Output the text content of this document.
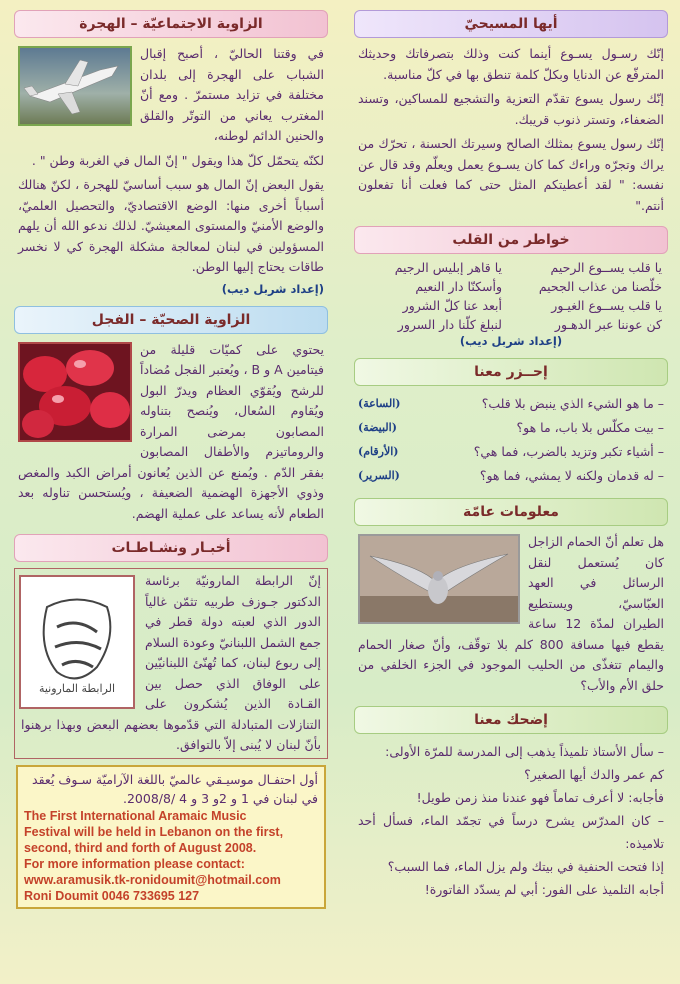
الزاوية الاجتماعيّة – الهجرة

في وقتنا الحاليّ ، أصبح إقبال الشباب على الهجرة إلى بلدان مختلفة في تزايد مستمرّ . ومع أنّ المغترب يعاني من التوتّر والقلق والحنين الدائم لوطنه،

لكنّه يتحمّل كلّ هذا ويقول " إنّ المال في الغربة وطن " .

يقول البعض إنّ المال هو سبب أساسيّ للهجرة ، لكنّ هنالك أسباباً أخرى منها: الوضع الاقتصاديّ، والتحصيل العلميّ، والوضع الأمنيّ والمستوى المعيشيّ. لذلك ندعو الله أن يلهم المسؤولين في لبنان لمعالجة مشكلة الهجرة كي لا نخسر طاقات يحتاج إليها الوطن.

(إعداد شربل ديب)
الزاوية الصحيّة – الفجل

يحتوي على كميّات قليلة من فيتامين A و B ، ويُعتبر الفجل مُضاداً للرشح ويُقوّي العظام ويدرّ البول ويُقاوم السُعال، ويُنصح بتناوله المصابون بمرضى المرارة والروماتيزم والأطفال المصابون بفقر الدّم . ويُمنع عن الذين يُعانون أمراض الكبد والمغص وذوي الأجهزة الهضمية الضعيفة ، ويُستحسن تناوله بعد الطعام لأنه يساعد على عملية الهضم.

أخبـار ونشـاطـات
الرابطة المارونية
إنّ الرابطة المارونيّة برئاسة الدكتور جـوزف طربيه تثمّن غالياً الدور الذي لعبته دولة قطر في جمع الشمل اللبنانيّ وعودة السلام إلى ربوع لبنان، كما تُهنّئ اللبنانيّين على الوفاق الذي حصل بين القـادة الذين يُشكرون على التنازلات المتبادلة التي قدّموها بعضهم البعض وبهذا برهنوا بأنّ لبنان لا يُبنى إلاّ بالتوافق.
أول احتفـال موسيـقي عالميّ باللغة الآراميّة سـوف يُعقد في لبنان في 1 و 2و 3 و 4 /2008/8.
The First International Aramaic Music
Festival will be held in Lebanon on the first,
second, third and forth of August 2008.
For more information please contact:
www.aramusik.tk-ronidoumit@hotmail.com
Roni Doumit 0046 733695 127
أيها المسيحيّ

إنّك رسـول يسـوع أينما كنت وذلك بتصرفاتك وحديثك المترفّع عن الدنايا وبكلّ كلمة تنطق بها في كلّ مناسبة.

إنّك رسول يسوع تقدّم التعزية والتشجيع للمساكين، وتسند الضعفاء، وتستر ذنوب قريبك.

إنّك رسول يسوع بمثلك الصالح وسيرتك الحسنة ، تحرّك من يراك وتجرّه وراءك كما كان يسـوع يعمل ويعلّم وقد قال عن نفسه: " لقد أعطيتكم المثل حتى كما فعلت أنا تفعلون أنتم."

خواطر من القلب
يا قلب يســوع الرحيم
يا قاهر إبليس الرجيم
خلّصنا من عذاب الجحيم
وأسكنّا دار النعيم
يا قلب يســوع الغيـور
أبعد عنا كلّ الشرور
كن عوننا عبر الدهـور
لنبلغ كلّنا دار السرور
(إعداد شربل ديب)
إحــزر معنا
– ما هو الشيء الذي ينبض بلا قلب؟
(الساعة)
– بيت مكلّس بلا باب، ما هو؟
(البيضة)
– أشياء تكبر وتزيد بالضرب، فما هي؟
(الأرقام)
– له قدمان ولكنه لا يمشي، فما هو؟
(السرير)
معلومات عامّة

هل تعلم أنّ الحمام الزاجل كان يُستعمل لنقل الرسائل في العهد العبّاسيّ، ويستطيع الطيران لمدّة 12 ساعة يقطع فيها مسافة 800 كلم بلا توقّف، وأنّ صغار الحمام واليمام تتغذّى من الحليب الموجود في الجزء الخلفي من حلق الأم والأب؟

إضحك معنا
– سأل الأستاذ تلميذاً يذهب إلى المدرسة للمرّة الأولى:
كم عمر والدك أيها الصغير؟
فأجابه: لا أعرف تماماً فهو عندنا منذ زمن طويل!
– كان المدرّس يشرح درساً في تجمّد الماء، فسأل أحد تلاميذه:
إذا فتحت الحنفية في بيتك ولم يزل الماء، فما السبب؟
أجابه التلميذ على الفور: أبي لم يسدّد الفاتورة!
